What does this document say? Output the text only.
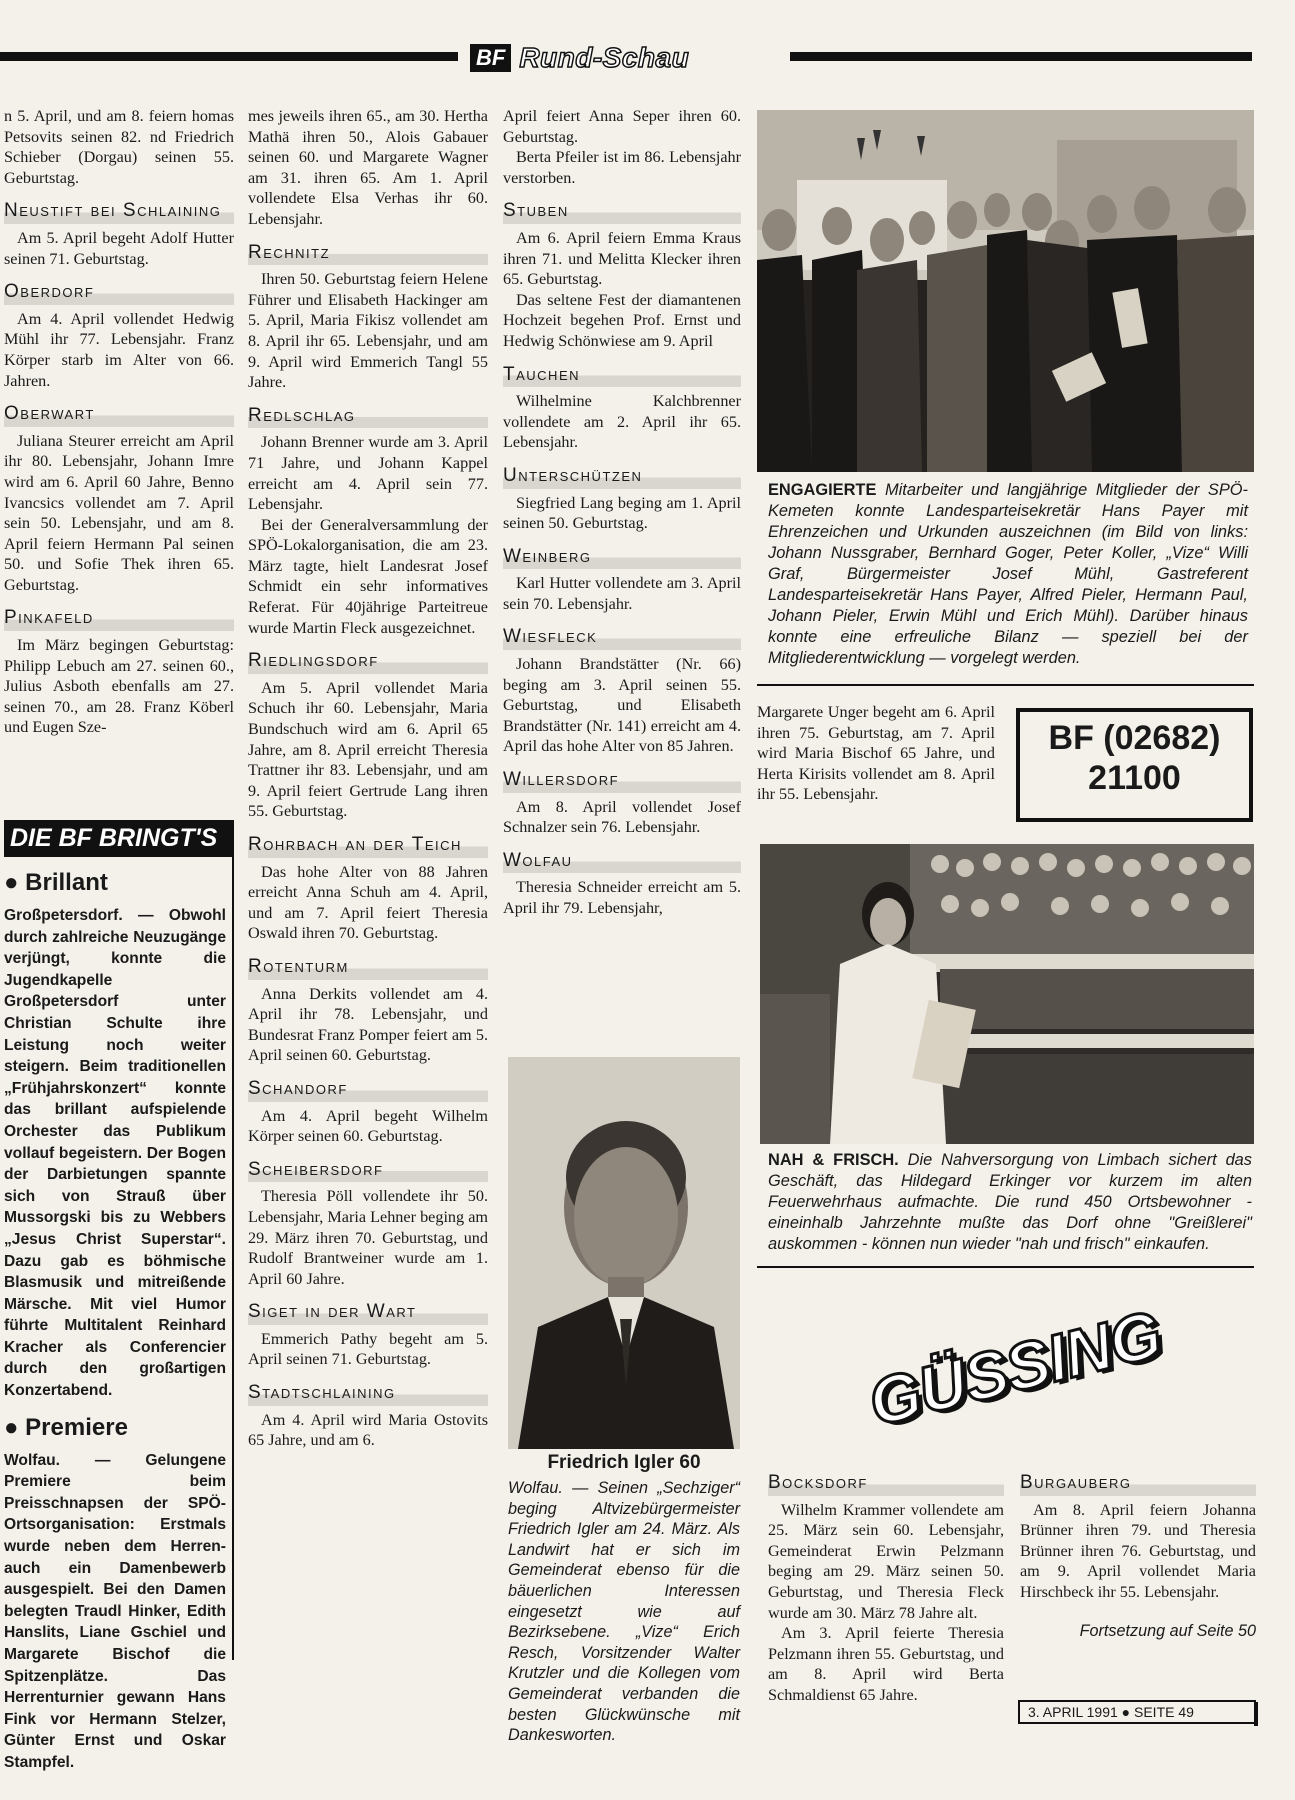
BF Rund-Schau

n 5. April, und am 8. feiern homas Petsovits seinen 82. nd Friedrich Schieber (Dorgau) seinen 55. Geburtstag.

Neustift bei Schlaining

Am 5. April begeht Adolf Hutter seinen 71. Geburtstag.

Oberdorf

Am 4. April vollendet Hedwig Mühl ihr 77. Lebensjahr. Franz Körper starb im Alter von 66. Jahren.

Oberwart

Juliana Steurer erreicht am April ihr 80. Lebensjahr, Johann Imre wird am 6. April 60 Jahre, Benno Ivancsics vollendet am 7. April sein 50. Lebensjahr, und am 8. April feiern Hermann Pal seinen 50. und Sofie Thek ihren 65. Geburtstag.

Pinkafeld

Im März begingen Geburtstag: Philipp Lebuch am 27. seinen 60., Julius Asboth ebenfalls am 27. seinen 70., am 28. Franz Köberl und Eugen Sze-

DIE BF BRINGT'S
● Brillant

Großpetersdorf. — Obwohl durch zahlreiche Neuzugänge verjüngt, konnte die Jugendkapelle Großpetersdorf unter Christian Schulte ihre Leistung noch weiter steigern. Beim traditionellen „Frühjahrskonzert“ konnte das brillant aufspielende Orchester das Publikum vollauf begeistern. Der Bogen der Darbietungen spannte sich von Strauß über Mussorgski bis zu Webbers „Jesus Christ Superstar“. Dazu gab es böhmische Blasmusik und mitreißende Märsche. Mit viel Humor führte Multitalent Reinhard Kracher als Conferencier durch den großartigen Konzertabend.

● Premiere

Wolfau. — Gelungene Premiere beim Preisschnapsen der SPÖ-Ortsorganisation: Erstmals wurde neben dem Herren- auch ein Damenbewerb ausgespielt. Bei den Damen belegten Traudl Hinker, Edith Hanslits, Liane Gschiel und Margarete Bischof die Spitzenplätze. Das Herrenturnier gewann Hans Fink vor Hermann Stelzer, Günter Ernst und Oskar Stampfel.

mes jeweils ihren 65., am 30. Hertha Mathä ihren 50., Alois Gabauer seinen 60. und Margarete Wagner am 31. ihren 65. Am 1. April vollendete Elsa Verhas ihr 60. Lebensjahr.

Rechnitz

Ihren 50. Geburtstag feiern Helene Führer und Elisabeth Hackinger am 5. April, Maria Fikisz vollendet am 8. April ihr 65. Lebensjahr, und am 9. April wird Emmerich Tangl 55 Jahre.

Redlschlag

Johann Brenner wurde am 3. April 71 Jahre, und Johann Kappel erreicht am 4. April sein 77. Lebensjahr.

Bei der Generalversammlung der SPÖ-Lokalorganisation, die am 23. März tagte, hielt Landesrat Josef Schmidt ein sehr informatives Referat. Für 40jährige Parteitreue wurde Martin Fleck ausgezeichnet.

Riedlingsdorf

Am 5. April vollendet Maria Schuch ihr 60. Lebensjahr, Maria Bundschuch wird am 6. April 65 Jahre, am 8. April erreicht Theresia Trattner ihr 83. Lebensjahr, und am 9. April feiert Gertrude Lang ihren 55. Geburtstag.

Rohrbach an der Teich

Das hohe Alter von 88 Jahren erreicht Anna Schuh am 4. April, und am 7. April feiert Theresia Oswald ihren 70. Geburtstag.

Rotenturm

Anna Derkits vollendet am 4. April ihr 78. Lebensjahr, und Bundesrat Franz Pomper feiert am 5. April seinen 60. Geburtstag.

Schandorf

Am 4. April begeht Wilhelm Körper seinen 60. Geburtstag.

Scheibersdorf

Theresia Pöll vollendete ihr 50. Lebensjahr, Maria Lehner beging am 29. März ihren 70. Geburtstag, und Rudolf Brantweiner wurde am 1. April 60 Jahre.

Siget in der Wart

Emmerich Pathy begeht am 5. April seinen 71. Geburtstag.

Stadtschlaining

Am 4. April wird Maria Ostovits 65 Jahre, und am 6.

April feiert Anna Seper ihren 60. Geburtstag.

Berta Pfeiler ist im 86. Lebensjahr verstorben.

Stuben

Am 6. April feiern Emma Kraus ihren 71. und Melitta Klecker ihren 65. Geburtstag.

Das seltene Fest der diamantenen Hochzeit begehen Prof. Ernst und Hedwig Schönwiese am 9. April

Tauchen

Wilhelmine Kalchbrenner vollendete am 2. April ihr 65. Lebensjahr.

Unterschützen

Siegfried Lang beging am 1. April seinen 50. Geburtstag.

Weinberg

Karl Hutter vollendete am 3. April sein 70. Lebensjahr.

Wiesfleck

Johann Brandstätter (Nr. 66) beging am 3. April seinen 55. Geburtstag, und Elisabeth Brandstätter (Nr. 141) erreicht am 4. April das hohe Alter von 85 Jahren.

Willersdorf

Am 8. April vollendet Josef Schnalzer sein 76. Lebensjahr.

Wolfau

Theresia Schneider erreicht am 5. April ihr 79. Lebensjahr,

Friedrich Igler 60
Wolfau. — Seinen „Sechziger“ beging Altvizebürgermeister Friedrich Igler am 24. März. Als Landwirt hat er sich im Gemeinderat ebenso für die bäuerlichen Interessen eingesetzt wie auf Bezirksebene. „Vize“ Erich Resch, Vorsitzender Walter Krutzler und die Kollegen vom Gemeinderat verbanden die besten Glückwünsche mit Dankesworten.
ENGAGIERTE Mitarbeiter und langjährige Mitglieder der SPÖ-Kemeten konnte Landesparteisekretär Hans Payer mit Ehrenzeichen und Urkunden auszeichnen (im Bild von links: Johann Nussgraber, Bernhard Goger, Peter Koller, „Vize“ Willi Graf, Bürgermeister Josef Mühl, Gastreferent Landesparteisekretär Hans Payer, Alfred Pieler, Hermann Paul, Johann Pieler, Erwin Mühl und Erich Mühl). Darüber hinaus konnte eine erfreuliche Bilanz — speziell bei der Mitgliederentwicklung — vorgelegt werden.

Margarete Unger begeht am 6. April ihren 75. Geburtstag, am 7. April wird Maria Bischof 65 Jahre, und Herta Kirisits vollendet am 8. April ihr 55. Lebensjahr.

BF (02682)
21100
NAH & FRISCH. Die Nahversorgung von Limbach sichert das Geschäft, das Hildegard Erkinger vor kurzem im alten Feuerwehrhaus aufmachte. Die rund 450 Ortsbewohner - eineinhalb Jahrzehnte mußte das Dorf ohne "Greißlerei" auskommen - können nun wieder "nah und frisch" einkaufen.
GÜSSING
Bocksdorf

Wilhelm Krammer vollendete am 25. März sein 60. Lebensjahr, Gemeinderat Erwin Pelzmann beging am 29. März seinen 50. Geburtstag, und Theresia Fleck wurde am 30. März 78 Jahre alt.

Am 3. April feierte Theresia Pelzmann ihren 55. Geburtstag, und am 8. April wird Berta Schmaldienst 65 Jahre.

Burgauberg

Am 8. April feiern Johanna Brünner ihren 79. und Theresia Brünner ihren 76. Geburtstag, und am 9. April vollendet Maria Hirschbeck ihr 55. Lebensjahr.

Fortsetzung auf Seite 50
3. APRIL 1991 ● SEITE 49
